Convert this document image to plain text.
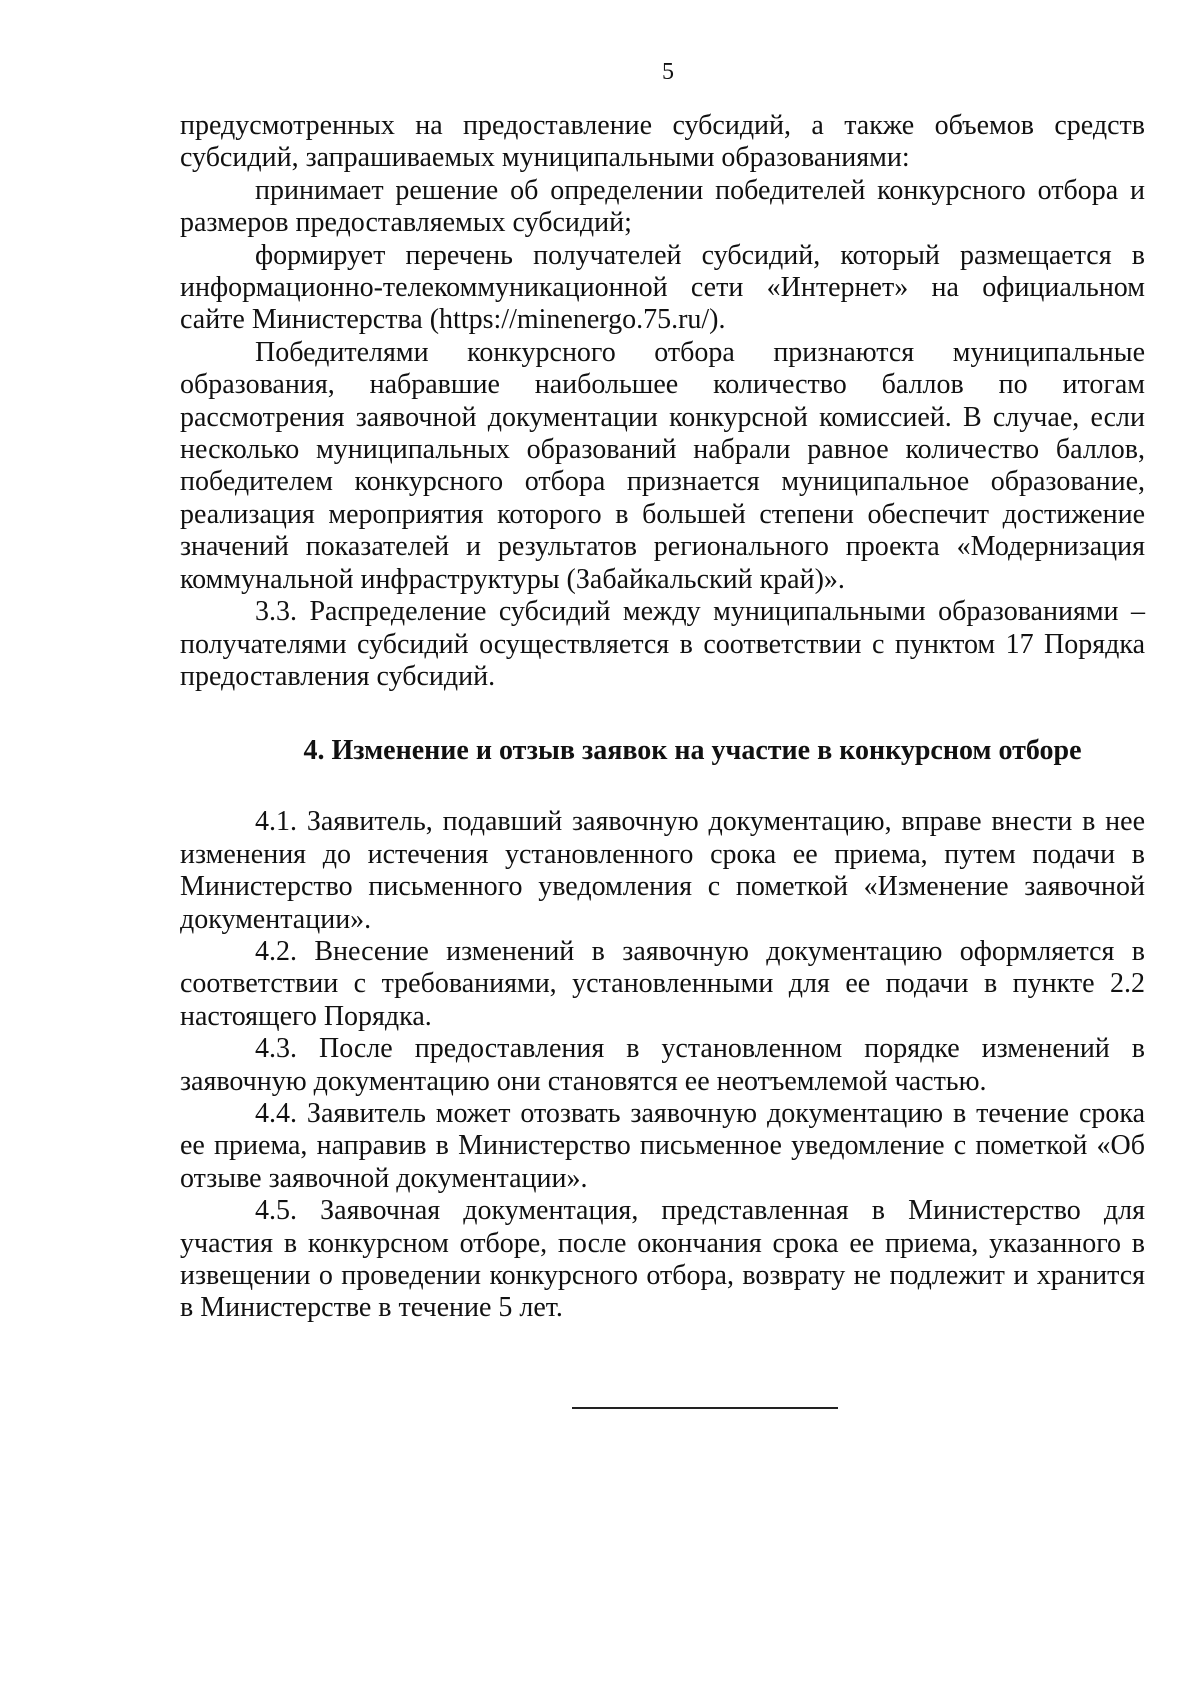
5

предусмотренных на предоставление субсидий, а также объемов средств субсидий, запрашиваемых муниципальными образованиями:

принимает решение об определении победителей конкурсного отбора и размеров предоставляемых субсидий;

формирует перечень получателей субсидий, который размещается в информационно-телекоммуникационной сети «Интернет» на официальном сайте Министерства (https://minenergo.75.ru/).

Победителями конкурсного отбора признаются муниципальные образования, набравшие наибольшее количество баллов по итогам рассмотрения заявочной документации конкурсной комиссией. В случае, если несколько муниципальных образований набрали равное количество баллов, победителем конкурсного отбора признается муниципальное образование, реализация мероприятия которого в большей степени обеспечит достижение значений показателей и результатов регионального проекта «Модернизация коммунальной инфраструктуры (Забайкальский край)».

3.3. Распределение субсидий между муниципальными образованиями – получателями субсидий осуществляется в соответствии с пунктом 17 Порядка предоставления субсидий.

4. Изменение и отзыв заявок на участие в конкурсном отборе

4.1. Заявитель, подавший заявочную документацию, вправе внести в нее изменения до истечения установленного срока ее приема, путем подачи в Министерство письменного уведомления с пометкой «Изменение заявочной документации».

4.2. Внесение изменений в заявочную документацию оформляется в соответствии с требованиями, установленными для ее подачи в пункте 2.2 настоящего Порядка.

4.3. После предоставления в установленном порядке изменений в заявочную документацию они становятся ее неотъемлемой частью.

4.4. Заявитель может отозвать заявочную документацию в течение срока ее приема, направив в Министерство письменное уведомление с пометкой «Об отзыве заявочной документации».

4.5. Заявочная документация, представленная в Министерство для участия в конкурсном отборе, после окончания срока ее приема, указанного в извещении о проведении конкурсного отбора, возврату не подлежит и хранится в Министерстве в течение 5 лет.
